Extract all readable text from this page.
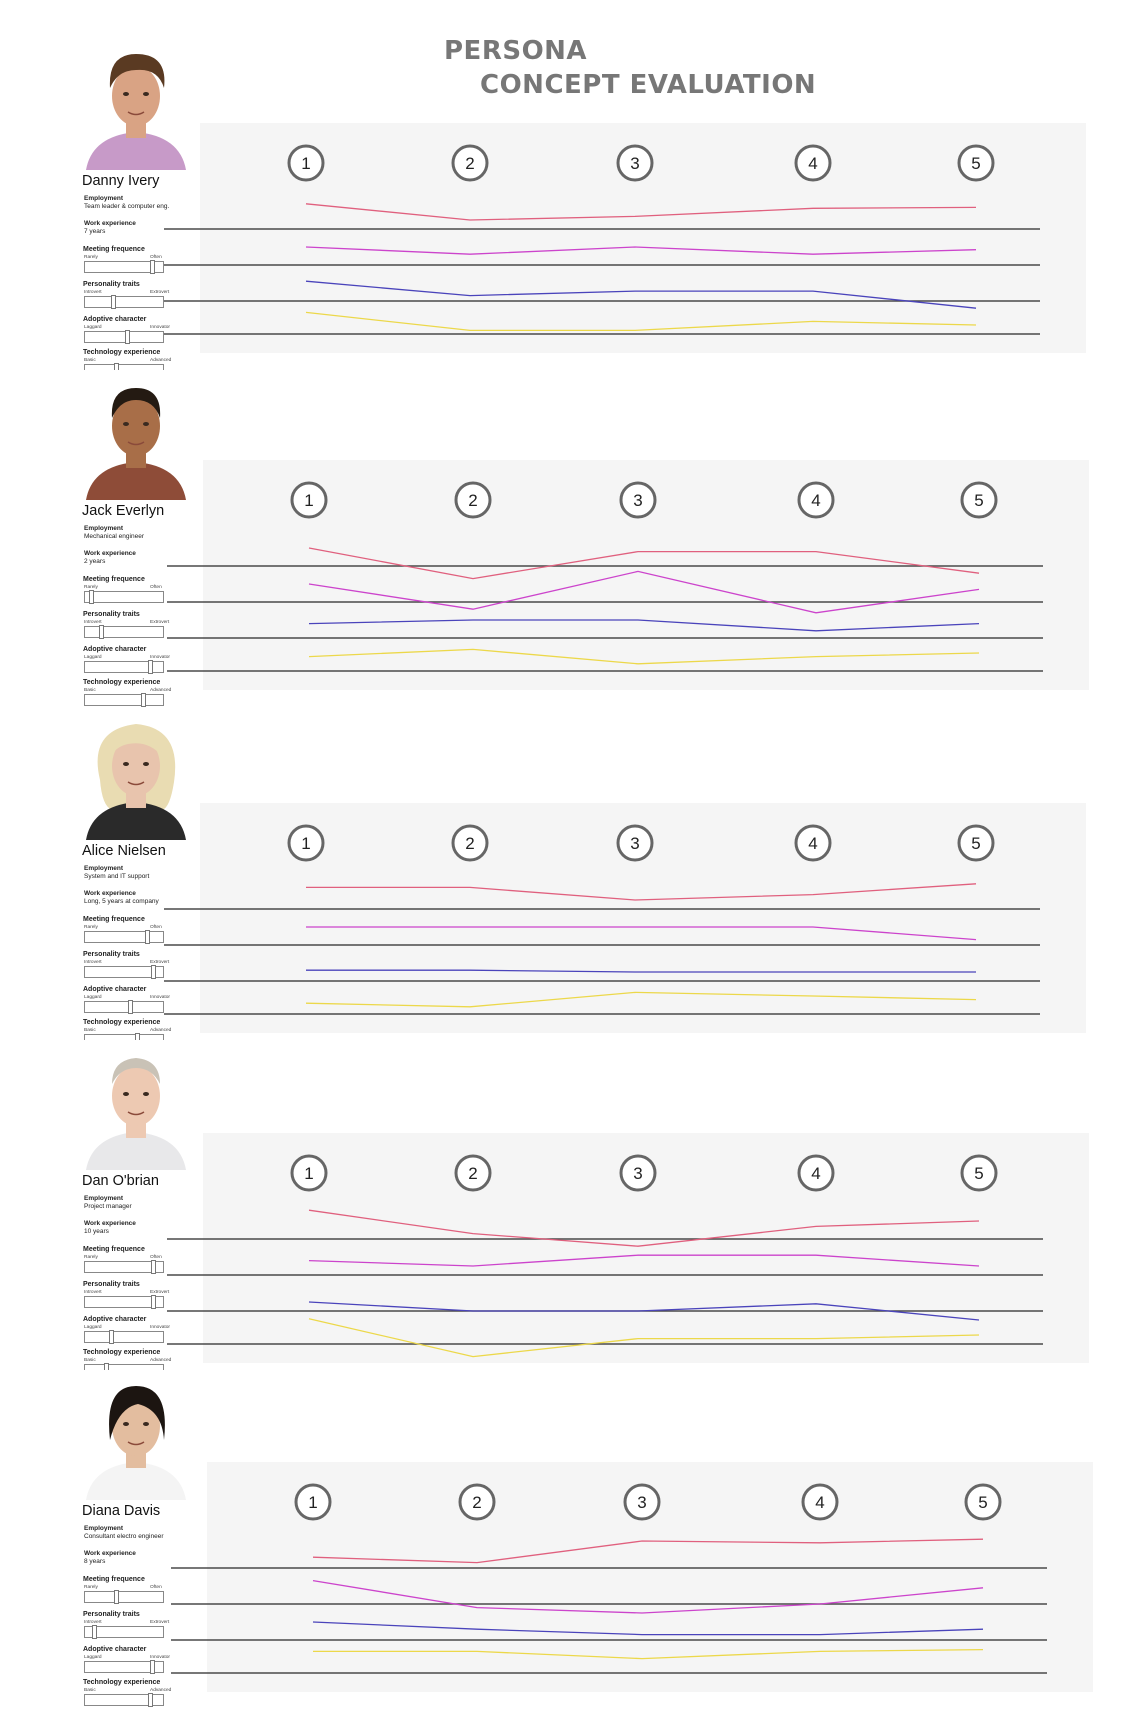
PERSONA
CONCEPT EVALUATION
Danny Ivery
Employment
Team leader & computer eng.
Work experience
7 years
Meeting frequence
Rarely	Often
Personality traits
Introvert	Extrovert
Adoptive character
Laggard	Innovator
Technology experience
Basic	Advanced
Jack Everlyn
Employment
Mechanical engineer
Work experience
2 years
Meeting frequence
Rarely	Often
Personality traits
Introvert	Extrovert
Adoptive character
Laggard	Innovator
Technology experience
Basic	Advanced
Alice Nielsen
Employment
System and IT support
Work experience
Long, 5 years at company
Meeting frequence
Rarely	Often
Personality traits
Introvert	Extrovert
Adoptive character
Laggard	Innovator
Technology experience
Basic	Advanced
Dan O'brian
Employment
Project manager
Work experience
10 years
Meeting frequence
Rarely	Often
Personality traits
Introvert	Extrovert
Adoptive character
Laggard	Innovator
Technology experience
Basic	Advanced
Diana Davis
Employment
Consultant electro engineer
Work experience
8 years
Meeting frequence
Rarely	Often
Personality traits
Introvert	Extrovert
Adoptive character
Laggard	Innovator
Technology experience
Basic	Advanced
1	2	3	4	5
1	2	3	4	5
1	2	3	4	5
1	2	3	4	5
1	2	3	4	5
